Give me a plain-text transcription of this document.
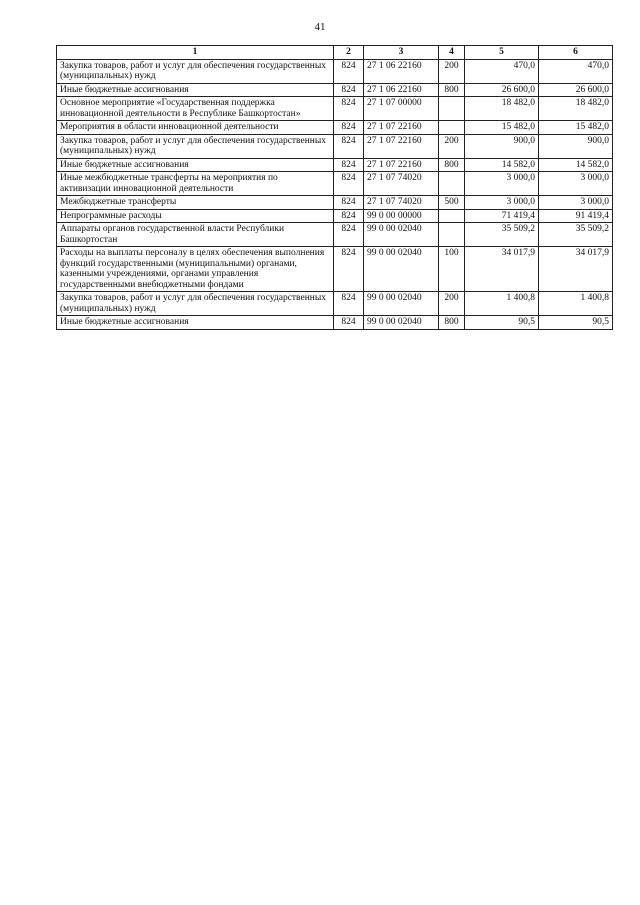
41
1	2	3	4	5	6
Закупка товаров, работ и услуг для обеспечения государственных (муниципальных) нужд	824	27 1 06 22160	200	470,0	470,0
Иные бюджетные ассигнования	824	27 1 06 22160	800	26 600,0	26 600,0
Основное мероприятие «Государственная поддержка инновационной деятельности в Республике Башкортостан»	824	27 1 07 00000		18 482,0	18 482,0
Мероприятия в области инновационной деятельности	824	27 1 07 22160		15 482,0	15 482,0
Закупка товаров, работ и услуг для обеспечения государственных (муниципальных) нужд	824	27 1 07 22160	200	900,0	900,0
Иные бюджетные ассигнования	824	27 1 07 22160	800	14 582,0	14 582,0
Иные межбюджетные трансферты на мероприятия по активизации инновационной деятельности	824	27 1 07 74020		3 000,0	3 000,0
Межбюджетные трансферты	824	27 1 07 74020	500	3 000,0	3 000,0
Непрограммные расходы	824	99 0 00 00000		71 419,4	91 419,4
Аппараты органов государственной власти Республики Башкортостан	824	99 0 00 02040		35 509,2	35 509,2
Расходы на выплаты персоналу в целях обеспечения выполнения функций государственными (муниципальными) органами, казенными учреждениями, органами управления государственными внебюджетными фондами	824	99 0 00 02040	100	34 017,9	34 017,9
Закупка товаров, работ и услуг для обеспечения государственных (муниципальных) нужд	824	99 0 00 02040	200	1 400,8	1 400,8
Иные бюджетные ассигнования	824	99 0 00 02040	800	90,5	90,5
